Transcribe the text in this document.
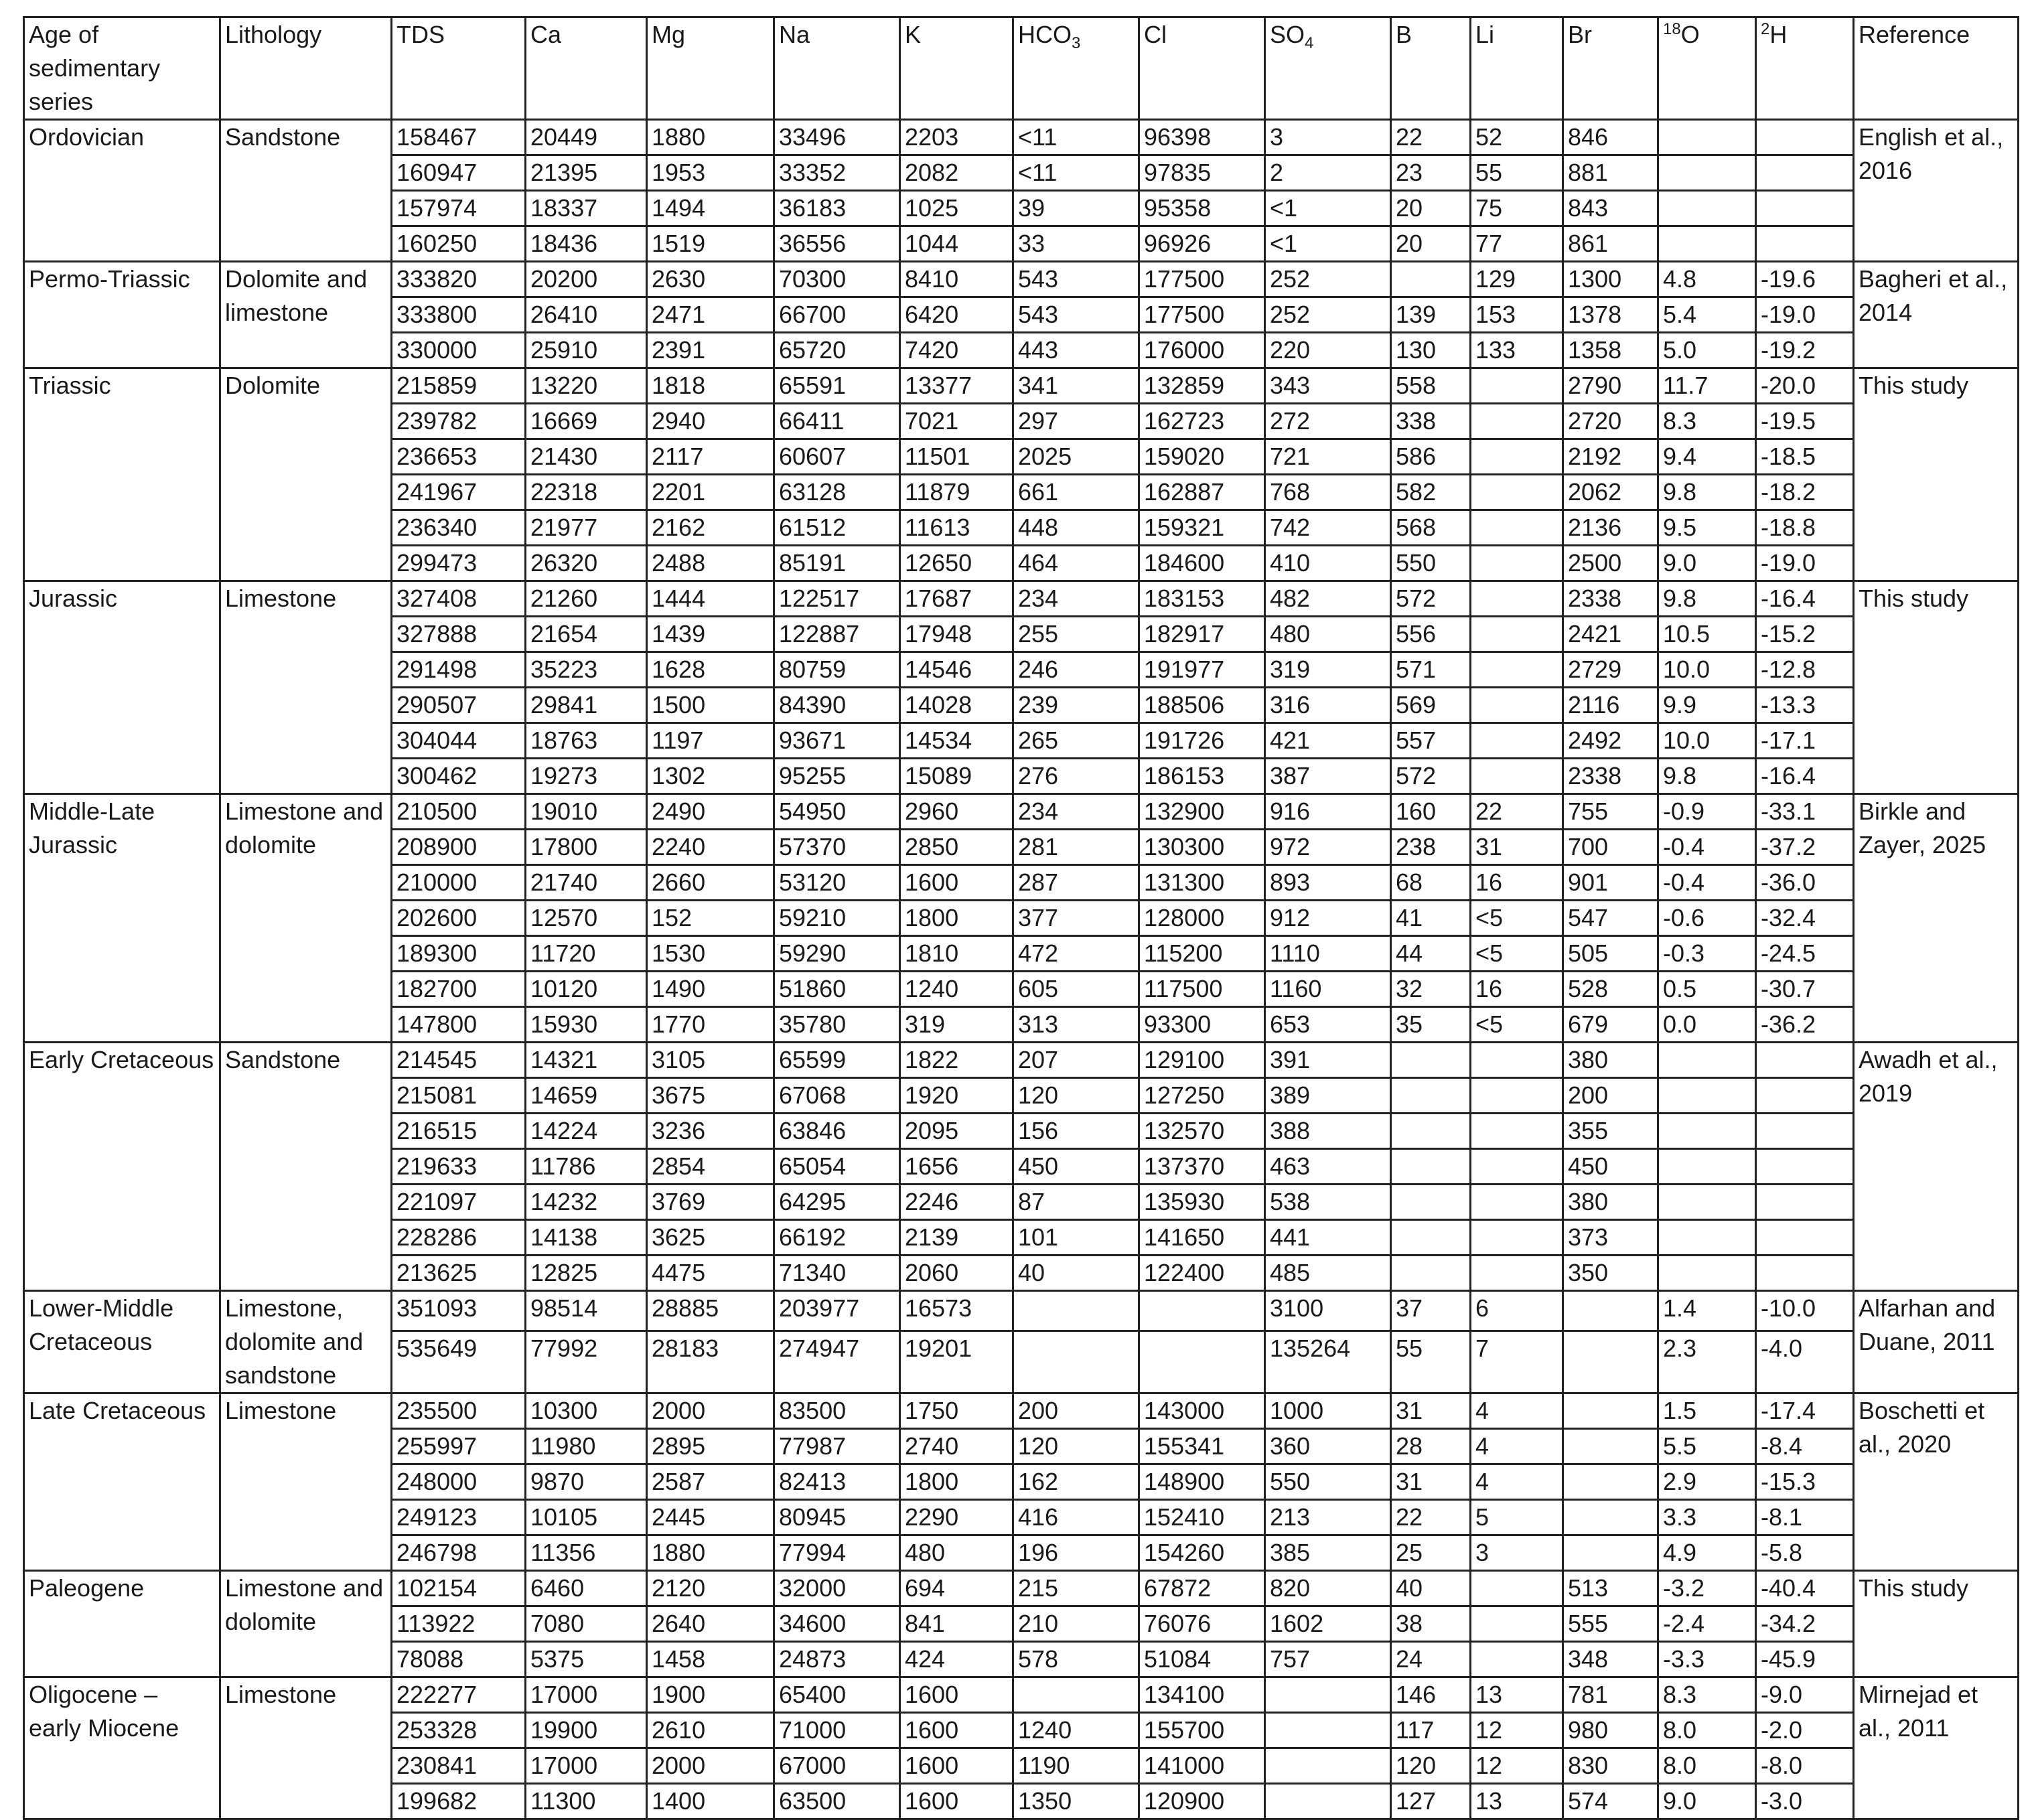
Age of sedimentary series	Lithology	TDS	Ca	Mg	Na	K	$HCO_3$	Cl	$SO_4$	B	Li	Br	$^{18}$O	$^2$H	Reference
Ordovician	Sandstone	158467	20449	1880	33496	2203	<11	96398	3	22	52	846			English et al., 2016
		160947	21395	1953	33352	2082	<11	97835	2	23	55	881			
		157974	18337	1494	36183	1025	39	95358	<1	20	75	843			
		160250	18436	1519	36556	1044	33	96926	<1	20	77	861			
Permo-Triassic	Dolomite and limestone	333820	20200	2630	70300	8410	543	177500	252		129	1300	4.8	-19.6	Bagheri et al., 2014
		333800	26410	2471	66700	6420	543	177500	252	139	153	1378	5.4	-19.0	
		330000	25910	2391	65720	7420	443	176000	220	130	133	1358	5.0	-19.2	
Triassic	Dolomite	215859	13220	1818	65591	13377	341	132859	343	558		2790	11.7	-20.0	This study
		239782	16669	2940	66411	7021	297	162723	272	338		2720	8.3	-19.5	
		236653	21430	2117	60607	11501	2025	159020	721	586		2192	9.4	-18.5	
		241967	22318	2201	63128	11879	661	162887	768	582		2062	9.8	-18.2	
		236340	21977	2162	61512	11613	448	159321	742	568		2136	9.5	-18.8	
		299473	26320	2488	85191	12650	464	184600	410	550		2500	9.0	-19.0	
Jurassic	Limestone	327408	21260	1444	122517	17687	234	183153	482	572		2338	9.8	-16.4	This study
		327888	21654	1439	122887	17948	255	182917	480	556		2421	10.5	-15.2	
		291498	35223	1628	80759	14546	246	191977	319	571		2729	10.0	-12.8	
		290507	29841	1500	84390	14028	239	188506	316	569		2116	9.9	-13.3	
		304044	18763	1197	93671	14534	265	191726	421	557		2492	10.0	-17.1	
		300462	19273	1302	95255	15089	276	186153	387	572		2338	9.8	-16.4	
Middle-Late Jurassic	Limestone and dolomite	210500	19010	2490	54950	2960	234	132900	916	160	22	755	-0.9	-33.1	Birkle and Zayer, 2025
		208900	17800	2240	57370	2850	281	130300	972	238	31	700	-0.4	-37.2	
		210000	21740	2660	53120	1600	287	131300	893	68	16	901	-0.4	-36.0	
		202600	12570	152	59210	1800	377	128000	912	41	<5	547	-0.6	-32.4	
		189300	11720	1530	59290	1810	472	115200	1110	44	<5	505	-0.3	-24.5	
		182700	10120	1490	51860	1240	605	117500	1160	32	16	528	0.5	-30.7	
		147800	15930	1770	35780	319	313	93300	653	35	<5	679	0.0	-36.2	
Early Cretaceous	Sandstone	214545	14321	3105	65599	1822	207	129100	391			380			Awadh et al., 2019
		215081	14659	3675	67068	1920	120	127250	389			200			
		216515	14224	3236	63846	2095	156	132570	388			355			
		219633	11786	2854	65054	1656	450	137370	463			450			
		221097	14232	3769	64295	2246	87	135930	538			380			
		228286	14138	3625	66192	2139	101	141650	441			373			
		213625	12825	4475	71340	2060	40	122400	485			350			
Lower-Middle Cretaceous	Limestone, dolomite and sandstone	351093	98514	28885	203977	16573			3100	37	6		1.4	-10.0	Alfarhan and Duane, 2011
		535649	77992	28183	274947	19201			135264	55	7		2.3	-4.0	
Late Cretaceous	Limestone	235500	10300	2000	83500	1750	200	143000	1000	31	4		1.5	-17.4	Boschetti et al., 2020
		255997	11980	2895	77987	2740	120	155341	360	28	4		5.5	-8.4	
		248000	9870	2587	82413	1800	162	148900	550	31	4		2.9	-15.3	
		249123	10105	2445	80945	2290	416	152410	213	22	5		3.3	-8.1	
		246798	11356	1880	77994	480	196	154260	385	25	3		4.9	-5.8	
Paleogene	Limestone and dolomite	102154	6460	2120	32000	694	215	67872	820	40		513	-3.2	-40.4	This study
		113922	7080	2640	34600	841	210	76076	1602	38		555	-2.4	-34.2	
		78088	5375	1458	24873	424	578	51084	757	24		348	-3.3	-45.9	
Oligocene – early Miocene	Limestone	222277	17000	1900	65400	1600		134100		146	13	781	8.3	-9.0	Mirnejad et al., 2011
		253328	19900	2610	71000	1600	1240	155700		117	12	980	8.0	-2.0	
		230841	17000	2000	67000	1600	1190	141000		120	12	830	8.0	-8.0	
		199682	11300	1400	63500	1600	1350	120900		127	13	574	9.0	-3.0	
